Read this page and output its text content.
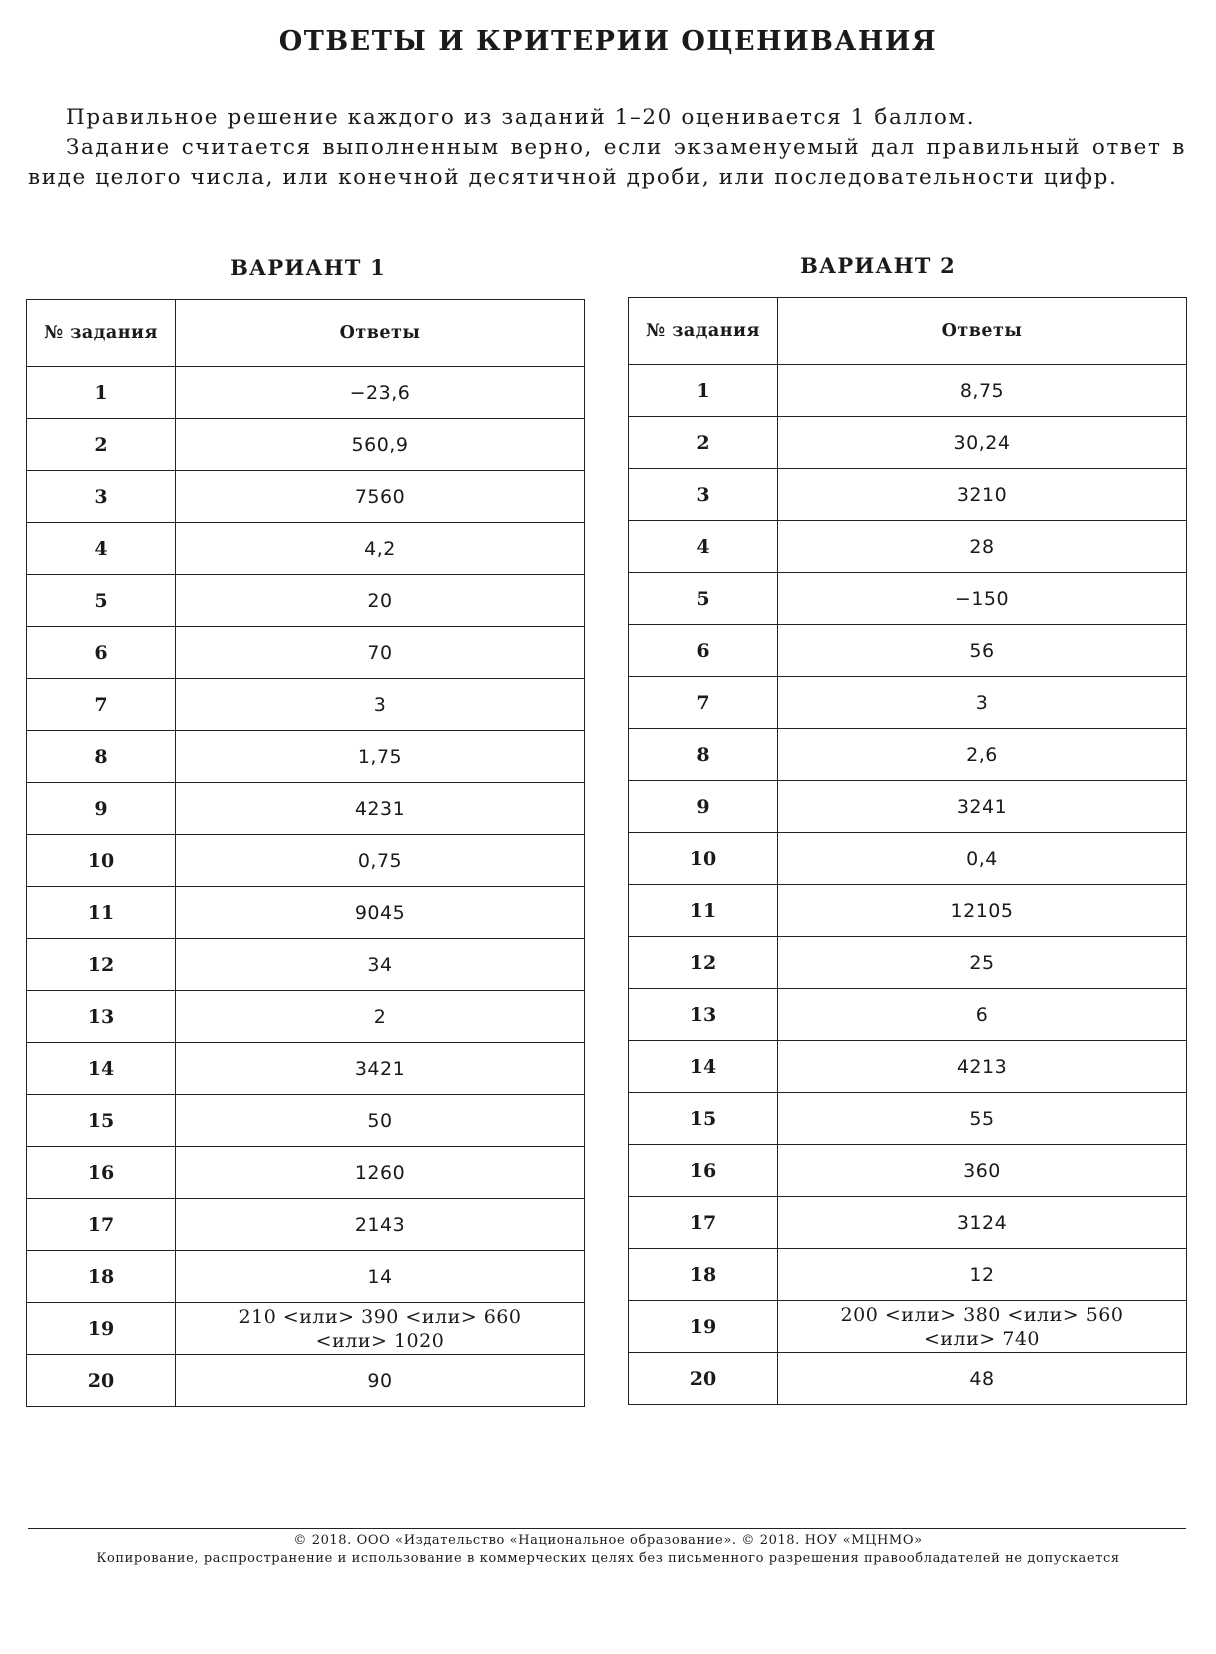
ОТВЕТЫ И КРИТЕРИИ ОЦЕНИВАНИЯ

Правильное решение каждого из заданий 1–20 оценивается 1 баллом.

Задание считается выполненным верно, если экзаменуемый дал правильный ответ в виде целого числа, или конечной десятичной дроби, или последовательности цифр.

ВАРИАНТ 1	ВАРИАНТ 2
№ задания	Ответы
1	−23,6
2	560,9
3	7560
4	4,2
5	20
6	70
7	3
8	1,75
9	4231
10	0,75
11	9045
12	34
13	2
14	3421
15	50
16	1260
17	2143
18	14
19	210 <или> 390 <или> 660
<или> 1020

20	90
№ задания	Ответы
1	8,75
2	30,24
3	3210
4	28
5	−150
6	56
7	3
8	2,6
9	3241
10	0,4
11	12105
12	25
13	6
14	4213
15	55
16	360
17	3124
18	12
19	200 <или> 380 <или> 560
<или> 740

20	48
© 2018. ООО «Издательство «Национальное образование». © 2018. НОУ «МЦНМО»
Копирование, распространение и использование в коммерческих целях без письменного разрешения правообладателей не допускается
